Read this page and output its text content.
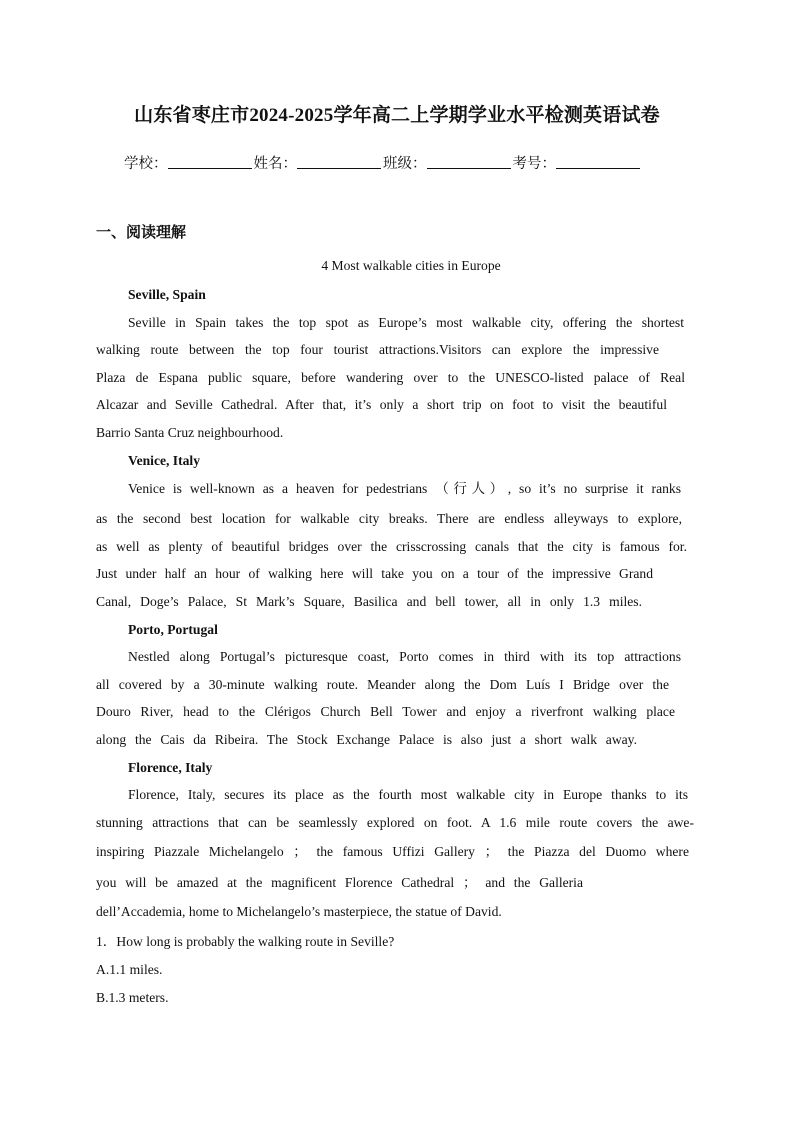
山东省枣庄市2024-2025学年高二上学期学业水平检测英语试卷
学校：	姓名：	班级：	考号：
一、阅读理解
4 Most walkable cities in Europe
Seville, Spain
Seville in Spain takes the top spot as Europe’s most walkable city, offering the shortest
walking route between the top four tourist attractions.Visitors can explore the impressive
Plaza de Espana public square, before wandering over to the UNESCO-listed palace of Real
Alcazar and Seville Cathedral. After that, it’s only a short trip on foot to visit the beautiful
Barrio Santa Cruz neighbourhood.
Venice, Italy
Venice is well-known as a heaven for pedestrians （行人）, so it’s no surprise it ranks
as the second best location for walkable city breaks. There are endless alleyways to explore,
as well as plenty of beautiful bridges over the crisscrossing canals that the city is famous for.
Just under half an hour of walking here will take you on a tour of the impressive Grand
Canal, Doge’s Palace, St Mark’s Square, Basilica and bell tower, all in only 1.3 miles.
Porto, Portugal
Nestled along Portugal’s picturesque coast, Porto comes in third with its top attractions
all covered by a 30-minute walking route. Meander along the Dom Luís I Bridge over the
Douro River, head to the Clérigos Church Bell Tower and enjoy a riverfront walking place
along the Cais da Ribeira. The Stock Exchange Palace is also just a short walk away.
Florence, Italy
Florence, Italy, secures its place as the fourth most walkable city in Europe thanks to its
stunning attractions that can be seamlessly explored on foot. A 1.6 mile route covers the awe-
inspiring Piazzale Michelangelo ； the famous Uffizi Gallery ； the Piazza del Duomo where
you will be amazed at the magnificent Florence Cathedral ； and the Galleria
dell’Accademia, home to Michelangelo’s masterpiece, the statue of David.
1．How long is probably the walking route in Seville?
A.1.1 miles.
B.1.3 meters.
